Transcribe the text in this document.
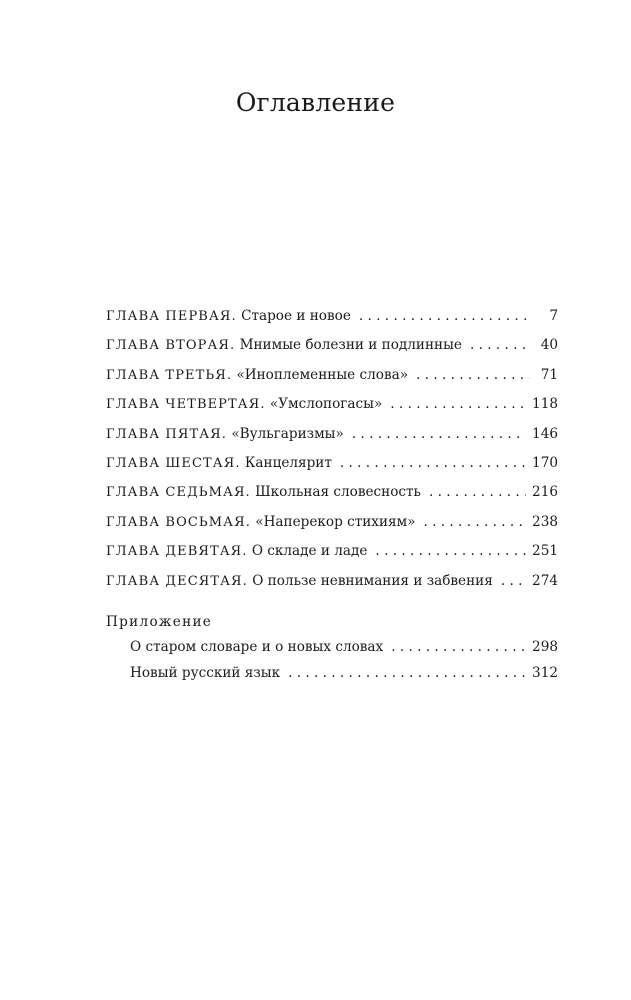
Оглавление
ГЛАВА ПЕРВАЯ. Старое и новое . . .	7
ГЛАВА ВТОРАЯ. Мнимые болезни и подлинные . . .	40
ГЛАВА ТРЕТЬЯ. «Иноплеменные слова» . . .	71
ГЛАВА ЧЕТВЕРТАЯ. «Умслопогасы» . . .	118
ГЛАВА ПЯТАЯ. «Вульгаризмы» . . .	146
ГЛАВА ШЕСТАЯ. Канцелярит . . .	170
ГЛАВА СЕДЬМАЯ. Школьная словесность . . .	216
ГЛАВА ВОСЬМАЯ. «Наперекор стихиям» . . .	238
ГЛАВА ДЕВЯТАЯ. О складе и ладе . . .	251
ГЛАВА ДЕСЯТАЯ. О пользе невнимания и забвения . . .	274
Приложение
О старом словаре и о новых словах . . .	298
Новый русский язык . . .	312
